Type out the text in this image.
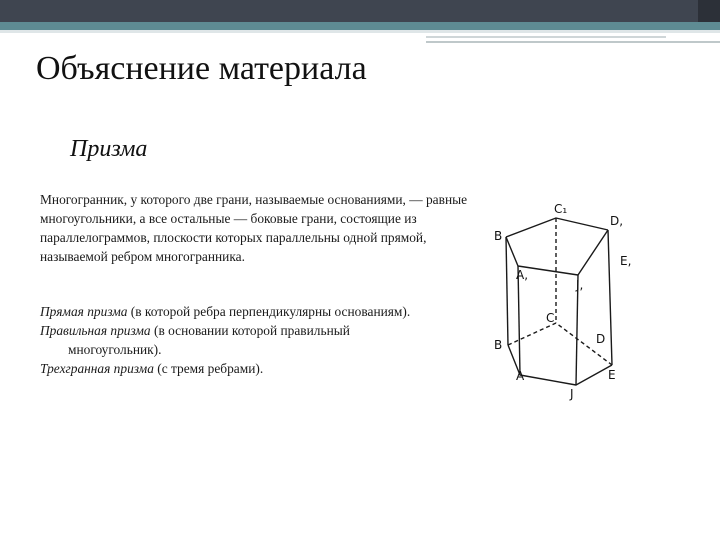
Объяснение материала
Призма

Многогранник, у которого две грани, называемые основаниями, — равные многоугольники, а все остальные — боковые грани, состоящие из параллелограммов, плоскости которых параллельны одной прямой, называемой ребром многогранника.

Прямая призма (в которой ребра перпендикулярны основаниям).

Правильная призма (в основании которой правильный многоугольник).

Трехгранная призма (с тремя ребрами).

B
C₁
D,
E,
A,
J,
C
B	D
A	E
J
